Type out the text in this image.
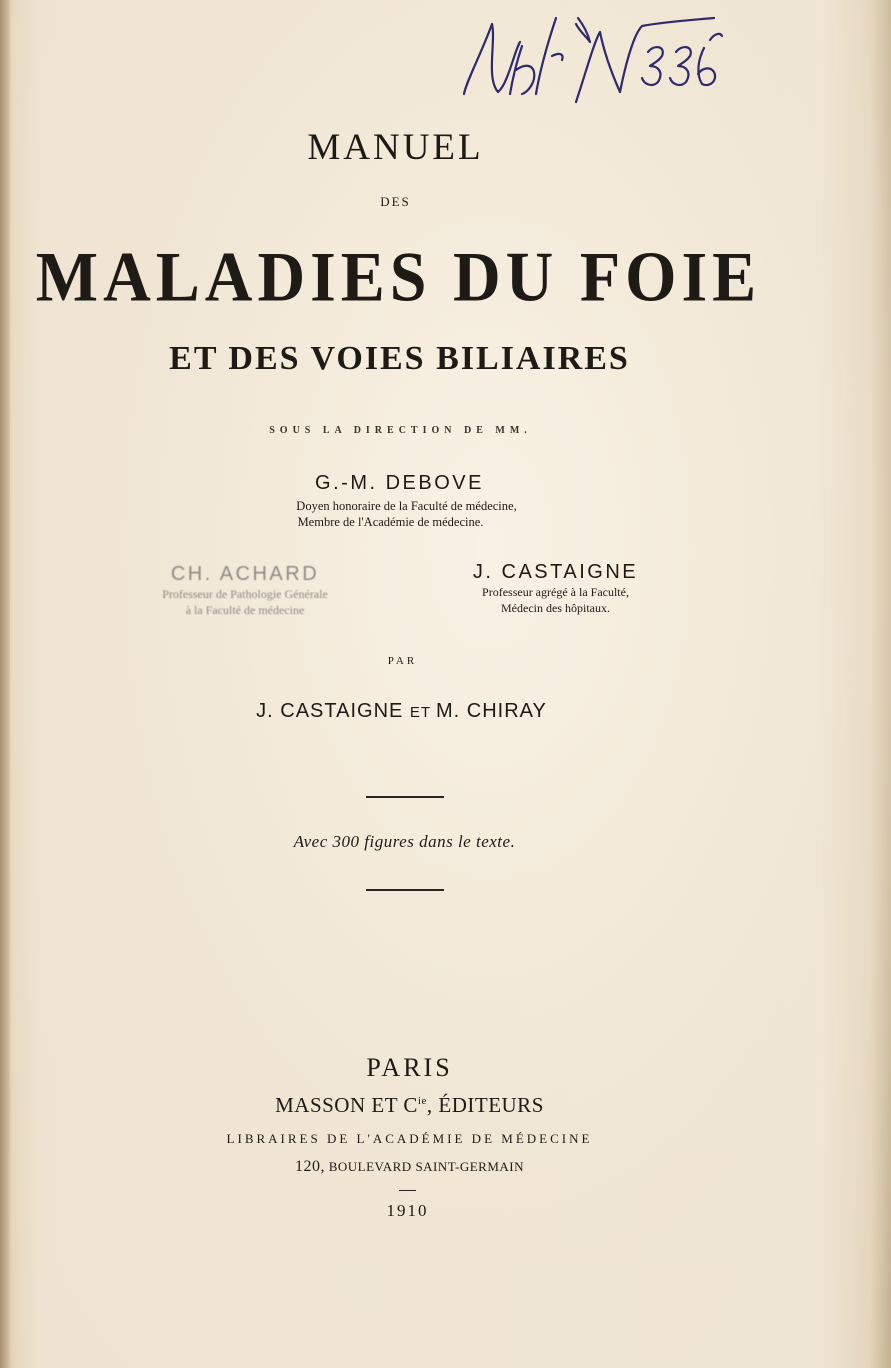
MANUEL
DES
MALADIES DU FOIE
ET DES VOIES BILIAIRES
SOUS LA DIRECTION DE MM.
G.-M. DEBOVE
Doyen honoraire de la Faculté de médecine,
Membre de l'Académie de médecine.
CH. ACHARD
Professeur de Pathologie Générale
à la Faculté de médecine
J. CASTAIGNE
Professeur agrégé à la Faculté,
Médecin des hôpitaux.
PAR
J. CASTAIGNE ET M. CHIRAY
Avec 300 figures dans le texte.
PARIS
MASSON ET $C^{ie}$, ÉDITEURS
LIBRAIRES DE L'ACADÉMIE DE MÉDECINE
120, BOULEVARD SAINT-GERMAIN
1910
